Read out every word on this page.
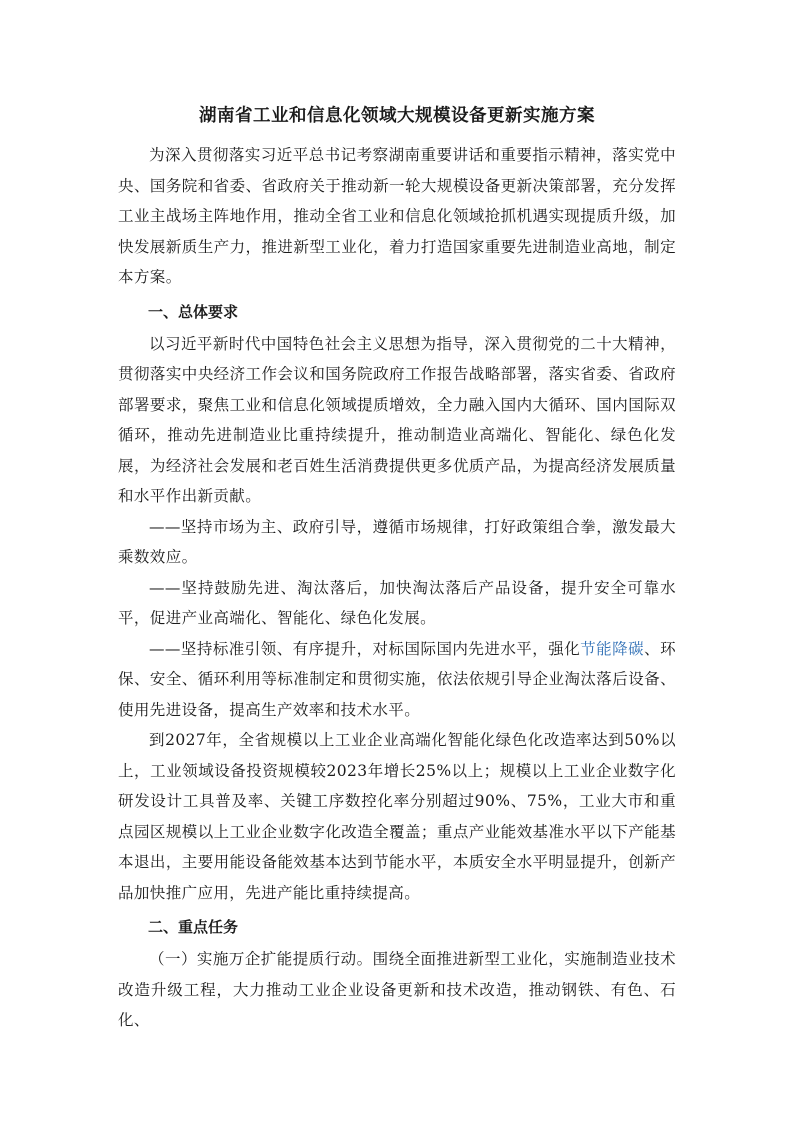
湖南省工业和信息化领域大规模设备更新实施方案

为深入贯彻落实习近平总书记考察湖南重要讲话和重要指示精神，落实党中央、国务院和省委、省政府关于推动新一轮大规模设备更新决策部署，充分发挥工业主战场主阵地作用，推动全省工业和信息化领域抢抓机遇实现提质升级，加快发展新质生产力，推进新型工业化，着力打造国家重要先进制造业高地，制定本方案。

一、总体要求

以习近平新时代中国特色社会主义思想为指导，深入贯彻党的二十大精神，贯彻落实中央经济工作会议和国务院政府工作报告战略部署，落实省委、省政府部署要求，聚焦工业和信息化领域提质增效，全力融入国内大循环、国内国际双循环，推动先进制造业比重持续提升，推动制造业高端化、智能化、绿色化发展，为经济社会发展和老百姓生活消费提供更多优质产品，为提高经济发展质量和水平作出新贡献。

——坚持市场为主、政府引导，遵循市场规律，打好政策组合拳，激发最大乘数效应。

——坚持鼓励先进、淘汰落后，加快淘汰落后产品设备，提升安全可靠水平，促进产业高端化、智能化、绿色化发展。

——坚持标准引领、有序提升，对标国际国内先进水平，强化节能降碳、环保、安全、循环利用等标准制定和贯彻实施，依法依规引导企业淘汰落后设备、使用先进设备，提高生产效率和技术水平。

到2027年，全省规模以上工业企业高端化智能化绿色化改造率达到50%以上，工业领域设备投资规模较2023年增长25%以上；规模以上工业企业数字化研发设计工具普及率、关键工序数控化率分别超过90%、75%，工业大市和重点园区规模以上工业企业数字化改造全覆盖；重点产业能效基准水平以下产能基本退出，主要用能设备能效基本达到节能水平，本质安全水平明显提升，创新产品加快推广应用，先进产能比重持续提高。

二、重点任务

（一）实施万企扩能提质行动。围绕全面推进新型工业化，实施制造业技术改造升级工程，大力推动工业企业设备更新和技术改造，推动钢铁、有色、石化、
